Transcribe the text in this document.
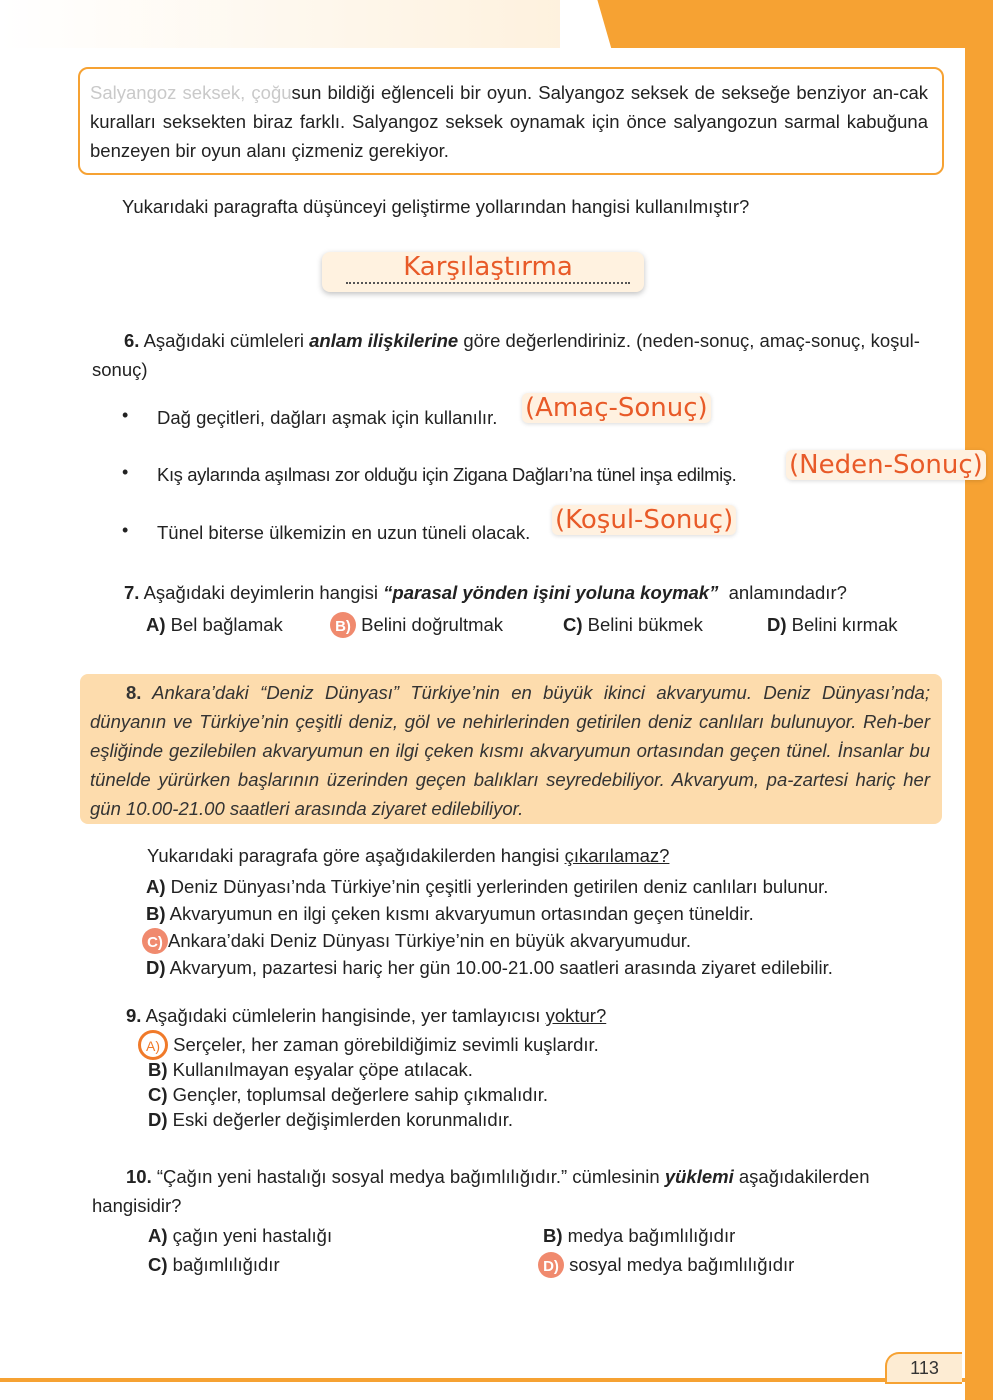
113
Salyangoz seksek, çoğusun bildiği eğlenceli bir oyun. Salyangoz seksek de sekseğe benziyor an-cak kuralları seksekten biraz farklı. Salyangoz seksek oynamak için önce salyangozun sarmal kabuğuna benzeyen bir oyun alanı çizmeniz gerekiyor.
Yukarıdaki paragrafta düşünceyi geliştirme yollarından hangisi kullanılmıştır?
Karşılaştırma
6. Aşağıdaki cümleleri anlam ilişkilerine göre değerlendiriniz. (neden-sonuç, amaç-sonuç, koşul-sonuç)
• Dağ geçitleri, dağları aşmak için kullanılır. (Amaç-Sonuç)
• Kış aylarında aşılması zor olduğu için Zigana Dağları’na tünel inşa edilmiş. (Neden-Sonuç)
• Tünel biterse ülkemizin en uzun tüneli olacak. (Koşul-Sonuç)
7. Aşağıdaki deyimlerin hangisi “parasal yönden işini yoluna koymak” anlamındadır?
A) Bel bağlamak	B) Belini doğrultmak	C) Belini bükmek	D) Belini kırmak
8. Ankara’daki “Deniz Dünyası” Türkiye’nin en büyük ikinci akvaryumu. Deniz Dünyası’nda; dünyanın ve Türkiye’nin çeşitli deniz, göl ve nehirlerinden getirilen deniz canlıları bulunuyor. Reh-ber eşliğinde gezilebilen akvaryumun en ilgi çeken kısmı akvaryumun ortasından geçen tünel. İnsanlar bu tünelde yürürken başlarının üzerinden geçen balıkları seyredebiliyor. Akvaryum, pa-zartesi hariç her gün 10.00-21.00 saatleri arasında ziyaret edilebiliyor.
Yukarıdaki paragrafa göre aşağıdakilerden hangisi çıkarılamaz?
A) Deniz Dünyası’nda Türkiye’nin çeşitli yerlerinden getirilen deniz canlıları bulunur.
B) Akvaryumun en ilgi çeken kısmı akvaryumun ortasından geçen tüneldir.
C) Ankara’daki Deniz Dünyası Türkiye’nin en büyük akvaryumudur.
D) Akvaryum, pazartesi hariç her gün 10.00-21.00 saatleri arasında ziyaret edilebilir.
9. Aşağıdaki cümlelerin hangisinde, yer tamlayıcısı yoktur?
A) Serçeler, her zaman görebildiğimiz sevimli kuşlardır.
B) Kullanılmayan eşyalar çöpe atılacak.
C) Gençler, toplumsal değerlere sahip çıkmalıdır.
D) Eski değerler değişimlerden korunmalıdır.
10. “Çağın yeni hastalığı sosyal medya bağımlılığıdır.” cümlesinin yüklemi aşağıdakilerden hangisidir?
A) çağın yeni hastalığı	B) medya bağımlılığıdır
C) bağımlılığıdır	D) sosyal medya bağımlılığıdır
